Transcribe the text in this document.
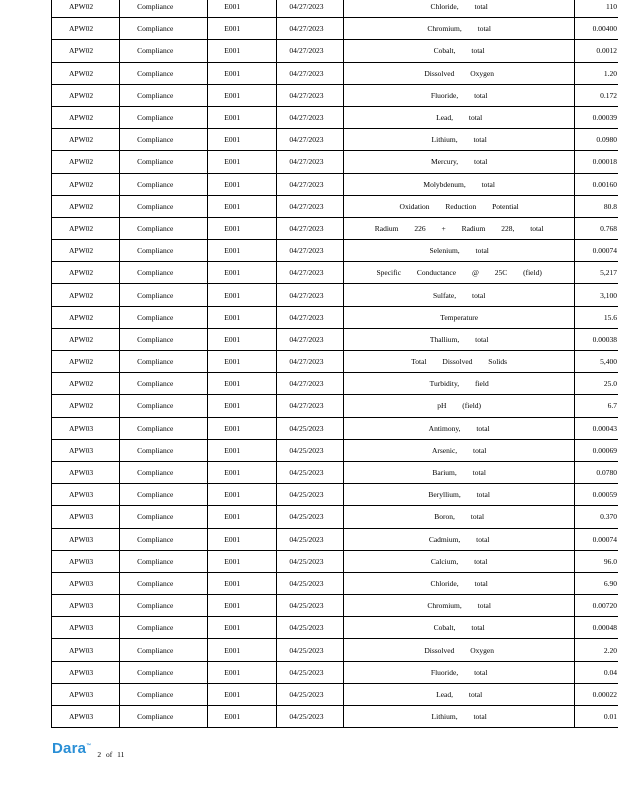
APW02	Compliance	E001	04/27/2023	Chloride, total	110
APW02	Compliance	E001	04/27/2023	Chromium, total	0.00400
APW02	Compliance	E001	04/27/2023	Cobalt, total	0.0012
APW02	Compliance	E001	04/27/2023	Dissolved Oxygen	1.20
APW02	Compliance	E001	04/27/2023	Fluoride, total	0.172
APW02	Compliance	E001	04/27/2023	Lead, total	0.00039
APW02	Compliance	E001	04/27/2023	Lithium, total	0.0980
APW02	Compliance	E001	04/27/2023	Mercury, total	0.00018
APW02	Compliance	E001	04/27/2023	Molybdenum, total	0.00160
APW02	Compliance	E001	04/27/2023	Oxidation Reduction Potential	80.8
APW02	Compliance	E001	04/27/2023	Radium 226 + Radium 228, total	0.768
APW02	Compliance	E001	04/27/2023	Selenium, total	0.00074
APW02	Compliance	E001	04/27/2023	Specific Conductance @ 25C (field)	5,217
APW02	Compliance	E001	04/27/2023	Sulfate, total	3,100
APW02	Compliance	E001	04/27/2023	Temperature	15.6
APW02	Compliance	E001	04/27/2023	Thallium, total	0.00038
APW02	Compliance	E001	04/27/2023	Total Dissolved Solids	5,400
APW02	Compliance	E001	04/27/2023	Turbidity, field	25.0
APW02	Compliance	E001	04/27/2023	pH (field)	6.7
APW03	Compliance	E001	04/25/2023	Antimony, total	0.00043
APW03	Compliance	E001	04/25/2023	Arsenic, total	0.00069
APW03	Compliance	E001	04/25/2023	Barium, total	0.0780
APW03	Compliance	E001	04/25/2023	Beryllium, total	0.00059
APW03	Compliance	E001	04/25/2023	Boron, total	0.370
APW03	Compliance	E001	04/25/2023	Cadmium, total	0.00074
APW03	Compliance	E001	04/25/2023	Calcium, total	96.0
APW03	Compliance	E001	04/25/2023	Chloride, total	6.90
APW03	Compliance	E001	04/25/2023	Chromium, total	0.00720
APW03	Compliance	E001	04/25/2023	Cobalt, total	0.00048
APW03	Compliance	E001	04/25/2023	Dissolved Oxygen	2.20
APW03	Compliance	E001	04/25/2023	Fluoride, total	0.04
APW03	Compliance	E001	04/25/2023	Lead, total	0.00022
APW03	Compliance	E001	04/25/2023	Lithium, total	0.01
Dara™
2 of 11
